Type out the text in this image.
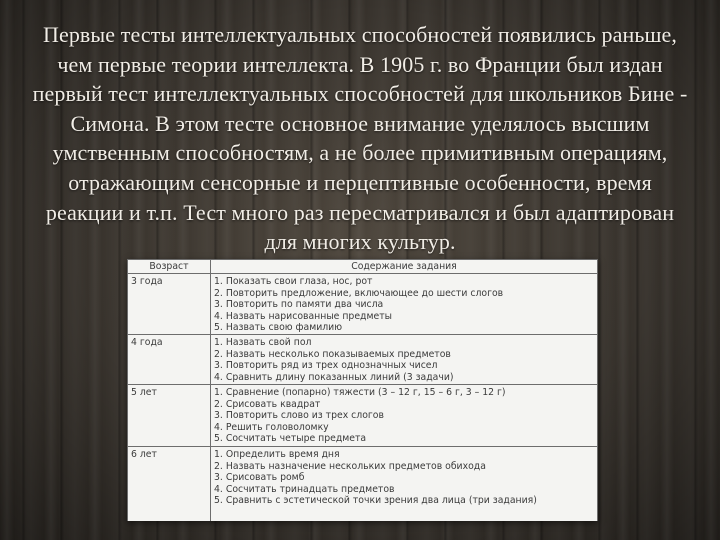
Первые тесты интеллектуальных способностей появились раньше, чем первые теории интеллекта. В 1905 г. во Франции был издан первый тест интеллектуальных способностей для школьников Бине - Симона. В этом тесте основное внимание уделялось высшим умственным способностям, а не более примитивным операциям, отражающим сенсорные и перцептивные особенности, время реакции и т.п. Тест много раз пересматривался и был адаптирован для многих культур.

Возраст	Содержание задания
3 года	1. Показать свои глаза, нос, рот
2. Повторить предложение, включающее до шести слогов
3. Повторить по памяти два числа
4. Назвать нарисованные предметы
5. Назвать свою фамилию

4 года	1. Назвать свой пол
2. Назвать несколько показываемых предметов
3. Повторить ряд из трех однозначных чисел
4. Сравнить длину показанных линий (3 задачи)

5 лет	1. Сравнение (попарно) тяжести (3 – 12 г, 15 – 6 г, 3 – 12 г)
2. Срисовать квадрат
3. Повторить слово из трех слогов
4. Решить головоломку
5. Сосчитать четыре предмета

6 лет	1. Определить время дня
2. Назвать назначение нескольких предметов обихода
3. Срисовать ромб
4. Сосчитать тринадцать предметов
5. Сравнить с эстетической точки зрения два лица (три задания)
